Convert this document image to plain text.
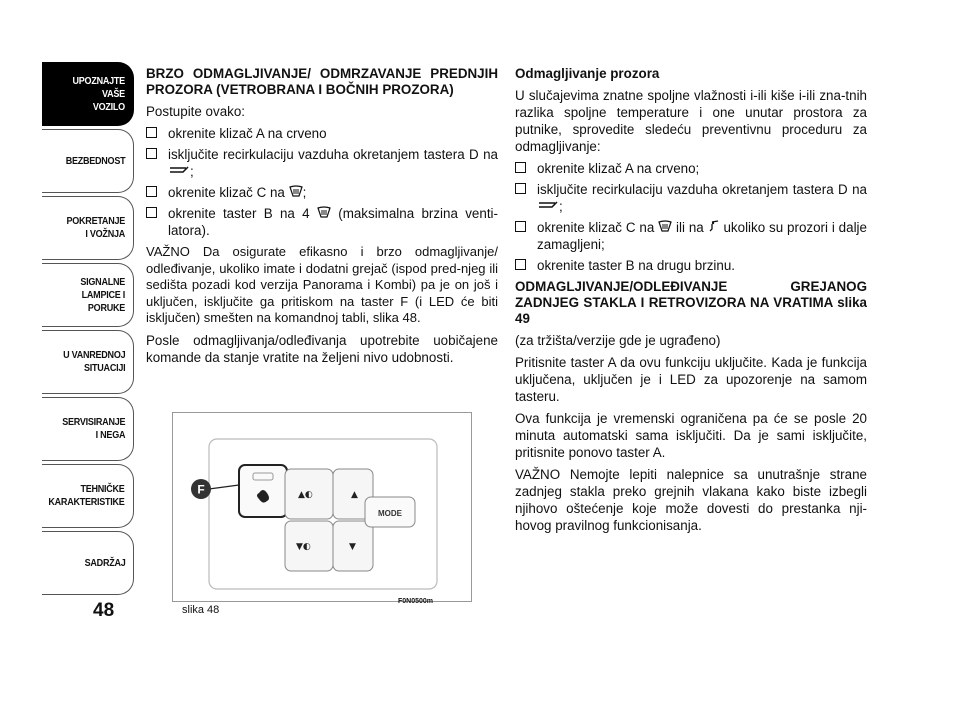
UPOZNAJTE
VAŠE
VOZILO
BEZBEDNOST
POKRETANJE
I VOŽNJA
SIGNALNE
LAMPICE I PORUKE
U VANREDNOJ
SITUACIJI
SERVISIRANJE
I NEGA
TEHNIČKE
KARAKTERISTIKE
SADRŽAJ
48

BRZO ODMAGLJIVANJE/ ODMRZAVANJE PREDNJIH PROZORA (VETROBRANA I BOČNIH PROZORA)

Postupite ovako:

okrenite klizač A na crveno
isključite recirkulaciju vazduha okretanjem tastera D na ;
okrenite klizač C na ;
okrenite taster B na 4 (maksimalna brzina venti-latora).

VAŽNO Da osigurate efikasno i brzo odmagljivanje/ odleđivanje, ukoliko imate i dodatni grejač (ispod pred-njeg ili sedišta pozadi kod verzija Panorama i Kombi) pa je on još i uključen, isključite ga pritiskom na taster F (i LED će biti isključen) smešten na komandnoj tabli, slika 48.

Posle odmagljivanja/odleđivanja upotrebite uobičajene komande da stanje vratite na željeni nivo udobnosti.

MODE
▲◐	▲
▼◐	▼
F
slika 48
F0N0500m

Odmagljivanje prozora

U slučajevima znatne spoljne vlažnosti i-ili kiše i-ili zna-tnih razlika spoljne temperature i one unutar prostora za putnike, sprovedite sledeću preventivnu proceduru za odmagljivanje:

okrenite klizač A na crveno;
isključite recirkulaciju vazduha okretanjem tastera D na ;
okrenite klizač C na ili na ukoliko su prozori i dalje zamagljeni;
okrenite taster B na drugu brzinu.

ODMAGLJIVANJE/ODLEĐIVANJE GREJANOG ZADNJEG STAKLA I RETROVIZORA NA VRATIMA slika 49

(za tržišta/verzije gde je ugrađeno)

Pritisnite taster A da ovu funkciju uključite. Kada je funkcija uključena, uključen je i LED za upozorenje na samom tasteru.

Ova funkcija je vremenski ograničena pa će se posle 20 minuta automatski sama isključiti. Da je sami isključite, pritisnite ponovo taster A.

VAŽNO Nemojte lepiti nalepnice sa unutrašnje strane zadnjeg stakla preko grejnih vlakana kako biste izbegli njihovo oštećenje koje može dovesti do prestanka nji-hovog pravilnog funkcionisanja.
